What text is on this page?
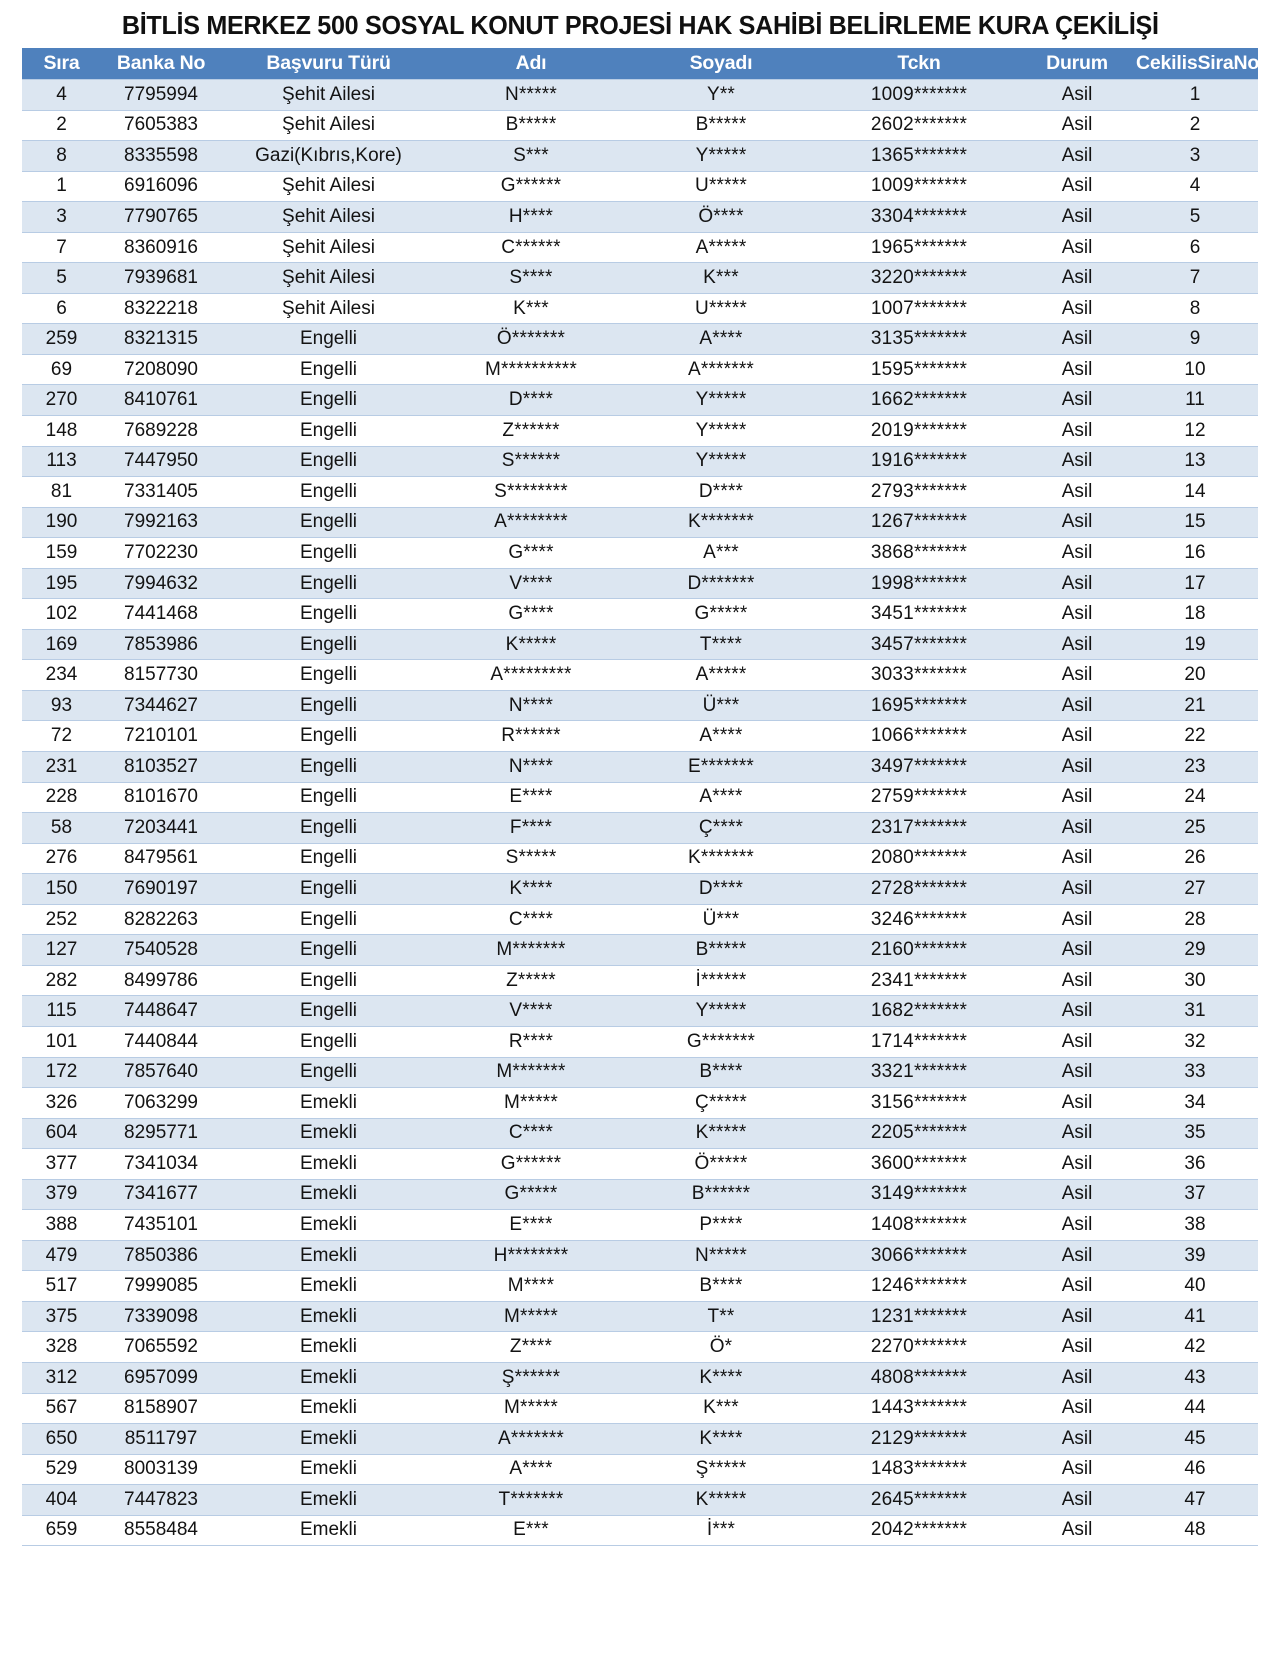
BİTLİS MERKEZ 500 SOSYAL KONUT PROJESİ HAK SAHİBİ BELİRLEME KURA ÇEKİLİŞİ
Sıra	Banka No	Başvuru Türü	Adı	Soyadı	Tckn	Durum	CekilisSiraNo
4	7795994	Şehit Ailesi	N*****	Y**	1009*******	Asil	1
2	7605383	Şehit Ailesi	B*****	B*****	2602*******	Asil	2
8	8335598	Gazi(Kıbrıs,Kore)	S***	Y*****	1365*******	Asil	3
1	6916096	Şehit Ailesi	G******	U*****	1009*******	Asil	4
3	7790765	Şehit Ailesi	H****	Ö****	3304*******	Asil	5
7	8360916	Şehit Ailesi	C******	A*****	1965*******	Asil	6
5	7939681	Şehit Ailesi	S****	K***	3220*******	Asil	7
6	8322218	Şehit Ailesi	K***	U*****	1007*******	Asil	8
259	8321315	Engelli	Ö*******	A****	3135*******	Asil	9
69	7208090	Engelli	M**********	A*******	1595*******	Asil	10
270	8410761	Engelli	D****	Y*****	1662*******	Asil	11
148	7689228	Engelli	Z******	Y*****	2019*******	Asil	12
113	7447950	Engelli	S******	Y*****	1916*******	Asil	13
81	7331405	Engelli	S********	D****	2793*******	Asil	14
190	7992163	Engelli	A********	K*******	1267*******	Asil	15
159	7702230	Engelli	G****	A***	3868*******	Asil	16
195	7994632	Engelli	V****	D*******	1998*******	Asil	17
102	7441468	Engelli	G****	G*****	3451*******	Asil	18
169	7853986	Engelli	K*****	T****	3457*******	Asil	19
234	8157730	Engelli	A*********	A*****	3033*******	Asil	20
93	7344627	Engelli	N****	Ü***	1695*******	Asil	21
72	7210101	Engelli	R******	A****	1066*******	Asil	22
231	8103527	Engelli	N****	E*******	3497*******	Asil	23
228	8101670	Engelli	E****	A****	2759*******	Asil	24
58	7203441	Engelli	F****	Ç****	2317*******	Asil	25
276	8479561	Engelli	S*****	K*******	2080*******	Asil	26
150	7690197	Engelli	K****	D****	2728*******	Asil	27
252	8282263	Engelli	C****	Ü***	3246*******	Asil	28
127	7540528	Engelli	M*******	B*****	2160*******	Asil	29
282	8499786	Engelli	Z*****	İ******	2341*******	Asil	30
115	7448647	Engelli	V****	Y*****	1682*******	Asil	31
101	7440844	Engelli	R****	G*******	1714*******	Asil	32
172	7857640	Engelli	M*******	B****	3321*******	Asil	33
326	7063299	Emekli	M*****	Ç*****	3156*******	Asil	34
604	8295771	Emekli	C****	K*****	2205*******	Asil	35
377	7341034	Emekli	G******	Ö*****	3600*******	Asil	36
379	7341677	Emekli	G*****	B******	3149*******	Asil	37
388	7435101	Emekli	E****	P****	1408*******	Asil	38
479	7850386	Emekli	H********	N*****	3066*******	Asil	39
517	7999085	Emekli	M****	B****	1246*******	Asil	40
375	7339098	Emekli	M*****	T**	1231*******	Asil	41
328	7065592	Emekli	Z****	Ö*	2270*******	Asil	42
312	6957099	Emekli	Ş******	K****	4808*******	Asil	43
567	8158907	Emekli	M*****	K***	1443*******	Asil	44
650	8511797	Emekli	A*******	K****	2129*******	Asil	45
529	8003139	Emekli	A****	Ş*****	1483*******	Asil	46
404	7447823	Emekli	T*******	K*****	2645*******	Asil	47
659	8558484	Emekli	E***	İ***	2042*******	Asil	48
